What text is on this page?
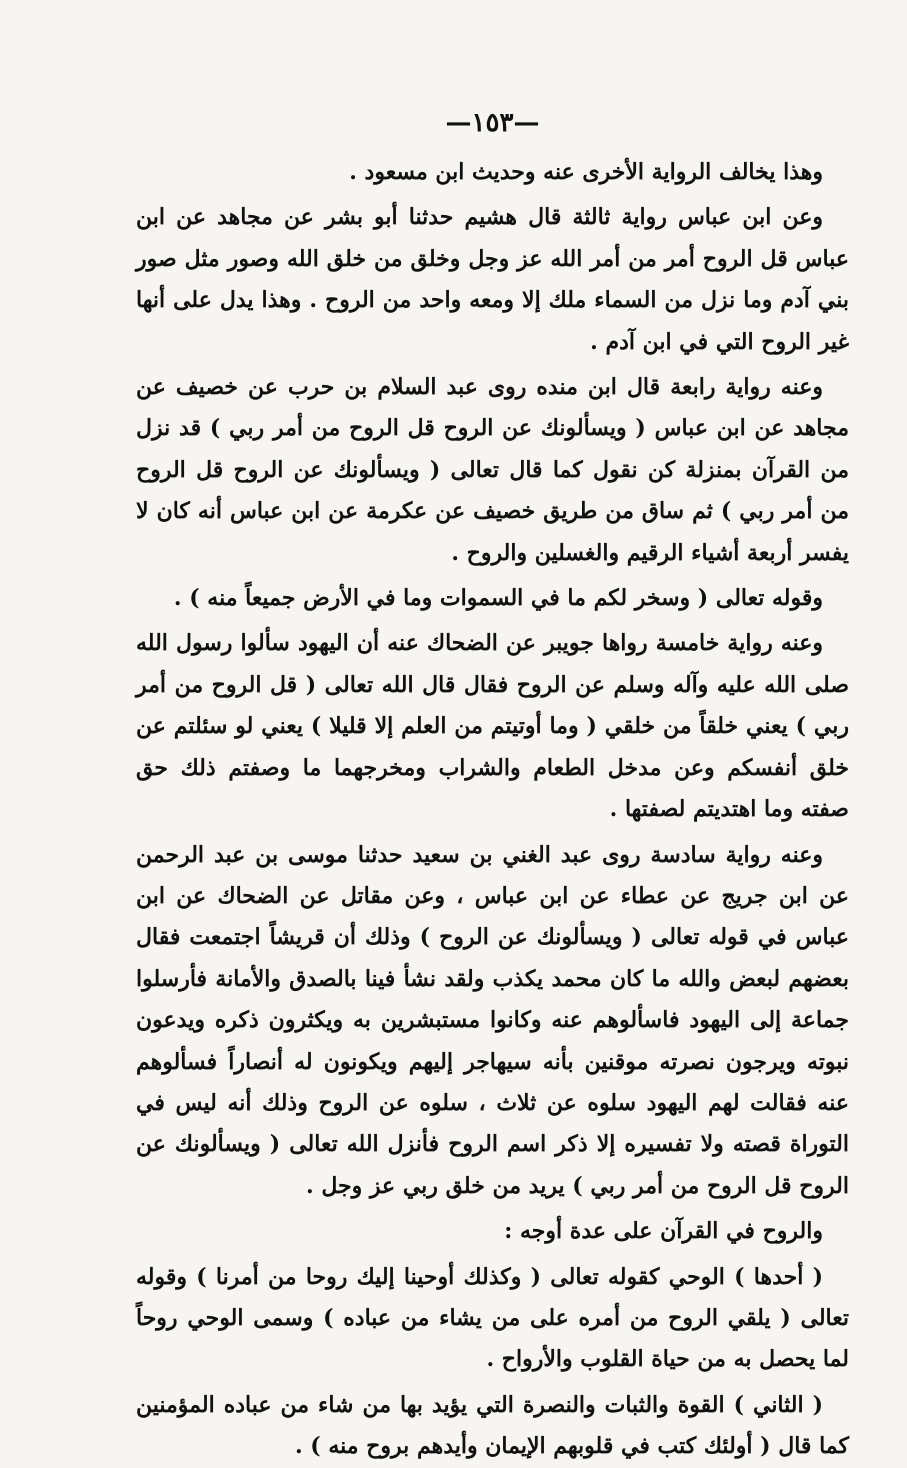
—١٥٣—

وهذا يخالف الرواية الأخرى عنه وحديث ابن مسعود .

وعن ابن عباس رواية ثالثة قال هشيم حدثنا أبو بشر عن مجاهد عن ابن عباس قل الروح أمر من أمر الله عز وجل وخلق من خلق الله وصور مثل صور بني آدم وما نزل من السماء ملك إلا ومعه واحد من الروح . وهذا يدل على أنها غير الروح التي في ابن آدم .

وعنه رواية رابعة قال ابن منده روى عبد السلام بن حرب عن خصيف عن مجاهد عن ابن عباس ( ويسألونك عن الروح قل الروح من أمر ربي ) قد نزل من القرآن بمنزلة كن نقول كما قال تعالى ( ويسألونك عن الروح قل الروح من أمر ربي ) ثم ساق من طريق خصيف عن عكرمة عن ابن عباس أنه كان لا يفسر أربعة أشياء الرقيم والغسلين والروح .

وقوله تعالى ( وسخر لكم ما في السموات وما في الأرض جميعاً منه ) .

وعنه رواية خامسة رواها جويبر عن الضحاك عنه أن اليهود سألوا رسول الله صلى الله عليه وآله وسلم عن الروح فقال قال الله تعالى ( قل الروح من أمر ربي ) يعني خلقاً من خلقي ( وما أوتيتم من العلم إلا قليلا ) يعني لو سئلتم عن خلق أنفسكم وعن مدخل الطعام والشراب ومخرجهما ما وصفتم ذلك حق صفته وما اهتديتم لصفتها .

وعنه رواية سادسة روى عبد الغني بن سعيد حدثنا موسى بن عبد الرحمن عن ابن جريج عن عطاء عن ابن عباس ، وعن مقاتل عن الضحاك عن ابن عباس في قوله تعالى ( ويسألونك عن الروح ) وذلك أن قريشاً اجتمعت فقال بعضهم لبعض والله ما كان محمد يكذب ولقد نشأ فينا بالصدق والأمانة فأرسلوا جماعة إلى اليهود فاسألوهم عنه وكانوا مستبشرين به ويكثرون ذكره ويدعون نبوته ويرجون نصرته موقنين بأنه سيهاجر إليهم ويكونون له أنصاراً فسألوهم عنه فقالت لهم اليهود سلوه عن ثلاث ، سلوه عن الروح وذلك أنه ليس في التوراة قصته ولا تفسيره إلا ذكر اسم الروح فأنزل الله تعالى ( ويسألونك عن الروح قل الروح من أمر ربي ) يريد من خلق ربي عز وجل .

والروح في القرآن على عدة أوجه :

( أحدها ) الوحي كقوله تعالى ( وكذلك أوحينا إليك روحا من أمرنا ) وقوله تعالى ( يلقي الروح من أمره على من يشاء من عباده ) وسمى الوحي روحاً لما يحصل به من حياة القلوب والأرواح .

( الثاني ) القوة والثبات والنصرة التي يؤيد بها من شاء من عباده المؤمنين كما قال ( أولئك كتب في قلوبهم الإيمان وأيدهم بروح منه ) .
